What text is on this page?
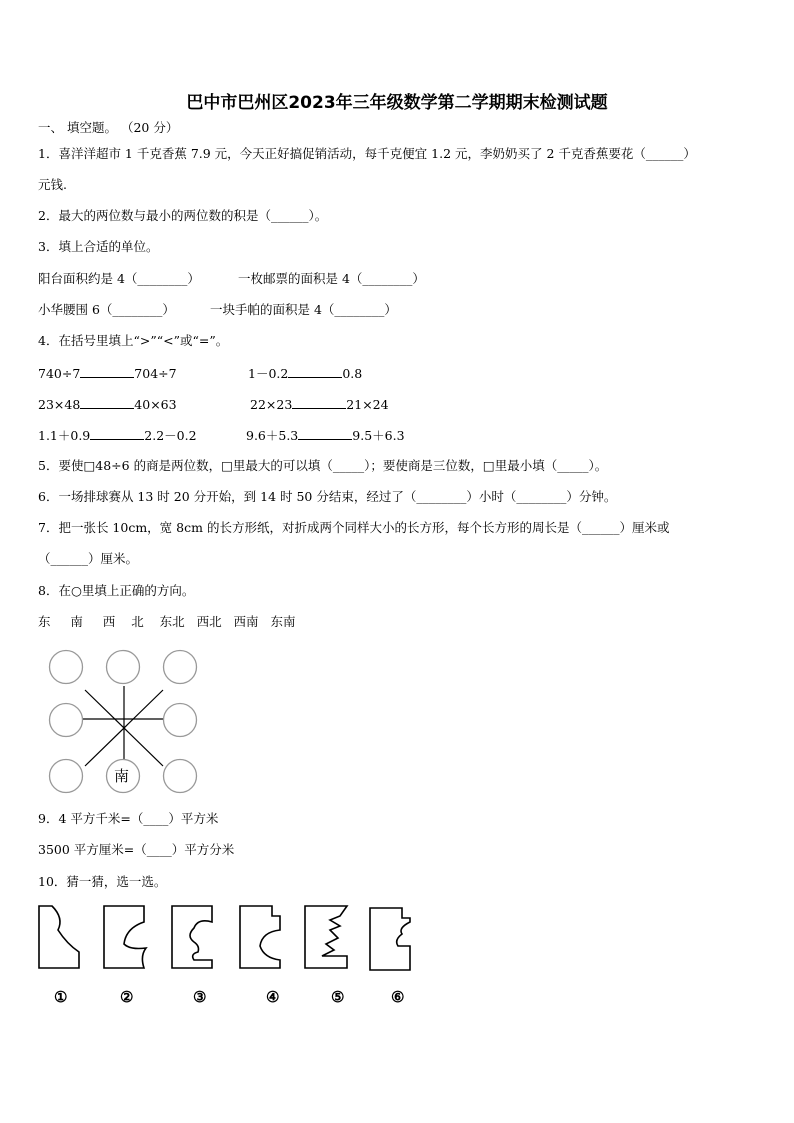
巴中市巴州区2023年三年级数学第二学期期末检测试题
一、 填空题。 （20 分）
1．喜洋洋超市 1 千克香蕉 7.9 元，今天正好搞促销活动，每千克便宜 1.2 元，李奶奶买了 2 千克香蕉要花（______）
元钱.
2．最大的两位数与最小的两位数的积是（______）。
3．填上合适的单位。
阳台面积约是 4（________）	一枚邮票的面积是 4（________）
小华腰围 6（________）	一块手帕的面积是 4（________）
4．在括号里填上“>”“<”或“=”。
740÷7	704÷7	1－0.2	0.8
23×48	40×63	22×23	21×24
1.1＋0.9	2.2－0.2	9.6＋5.3	9.5＋6.3
5．要使□48÷6 的商是两位数，□里最大的可以填（_____）；要使商是三位数，□里最小填（_____）。
6．一场排球赛从 13 时 20 分开始，到 14 时 50 分结束，经过了（________）小时（________）分钟。
7．把一张长 10cm，宽 8cm 的长方形纸，对折成两个同样大小的长方形，每个长方形的周长是（______）厘米或
（______）厘米。
8．在○里填上正确的方向。
东 南 西 北 东北 西北 西南 东南
南
9．4 平方千米=（____）平方米
3500 平方厘米=（____）平方分米
10．猜一猜，选一选。
①	②	③	④	⑤	⑥
